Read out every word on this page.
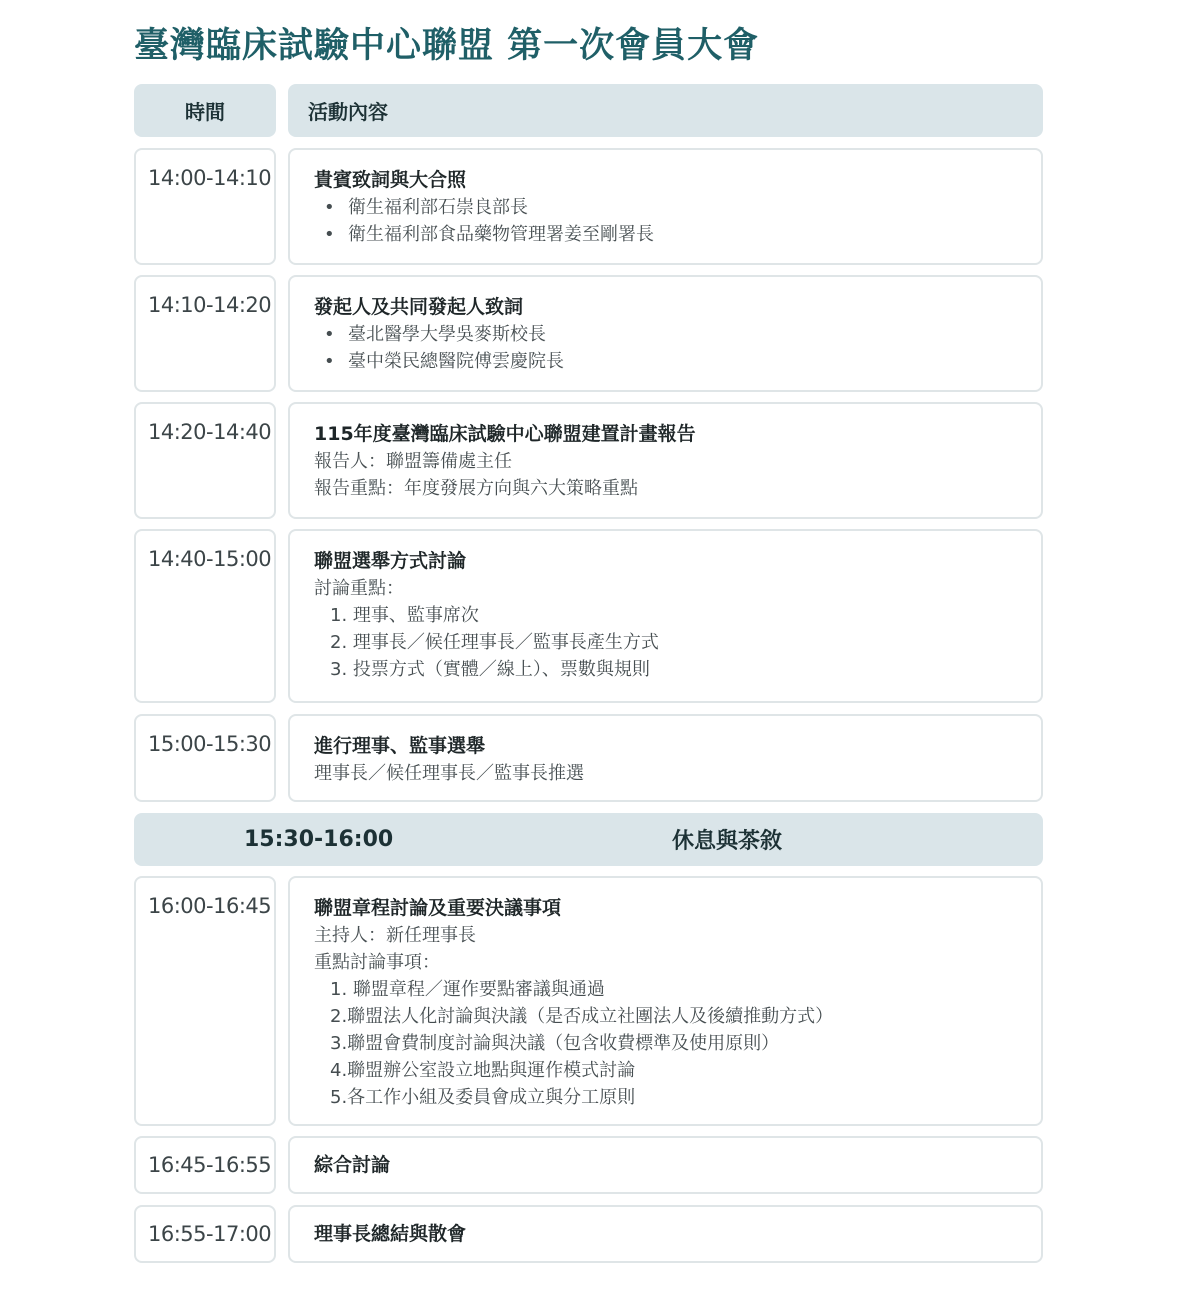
臺灣臨床試驗中心聯盟 第一次會員大會
時間	活動內容
14:00-14:10 貴賓致詞與大合照
• 衛生福利部石崇良部長
• 衛生福利部食品藥物管理署姜至剛署長
14:10-14:20 發起人及共同發起人致詞
• 臺北醫學大學吳麥斯校長
• 臺中榮民總醫院傅雲慶院長
14:20-14:40 115年度臺灣臨床試驗中心聯盟建置計畫報告
報告人：聯盟籌備處主任
報告重點：年度發展方向與六大策略重點
14:40-15:00 聯盟選舉方式討論
討論重點：
1. 理事、監事席次
2. 理事長／候任理事長／監事長產生方式
3. 投票方式（實體／線上）、票數與規則
15:00-15:30 進行理事、監事選舉
理事長／候任理事長／監事長推選
15:30-16:00	休息與茶敘
16:00-16:45 聯盟章程討論及重要決議事項
主持人：新任理事長
重點討論事項：
1. 聯盟章程／運作要點審議與通過
2.聯盟法人化討論與決議（是否成立社團法人及後續推動方式）
3.聯盟會費制度討論與決議（包含收費標準及使用原則）
4.聯盟辦公室設立地點與運作模式討論
5.各工作小組及委員會成立與分工原則
16:45-16:55 綜合討論
16:55-17:00 理事長總結與散會
